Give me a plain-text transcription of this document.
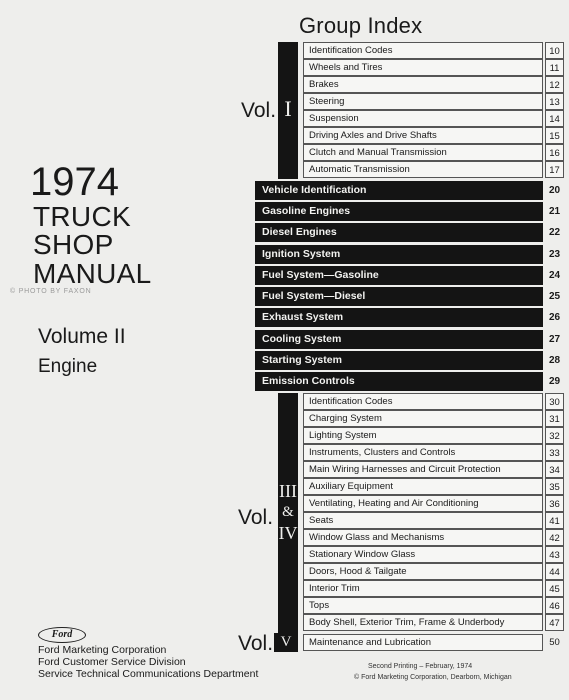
Group Index
1974
TRUCK
SHOP
MANUAL
© PHOTO BY FAXON
Volume II
Engine
Vol. I
Identification Codes	10
Wheels and Tires	11
Brakes	12
Steering	13
Suspension	14
Driving Axles and Drive Shafts	15
Clutch and Manual Transmission	16
Automatic Transmission	17
Vehicle Identification	20
Gasoline Engines	21
Diesel Engines	22
Ignition System	23
Fuel System—Gasoline	24
Fuel System—Diesel	25
Exhaust System	26
Cooling System	27
Starting System	28
Emission Controls	29
Vol.
III
&
IV
Identification Codes	30
Charging System	31
Lighting System	32
Instruments, Clusters and Controls	33
Main Wiring Harnesses and Circuit Protection	34
Auxiliary Equipment	35
Ventilating, Heating and Air Conditioning	36
Seats	41
Window Glass and Mechanisms	42
Stationary Window Glass	43
Doors, Hood & Tailgate	44
Interior Trim	45
Tops	46
Body Shell, Exterior Trim, Frame & Underbody	47
Vol. V	Maintenance and Lubrication	50
Ford
Ford Marketing Corporation
Ford Customer Service Division
Service Technical Communications Department
Second Printing – February, 1974
© Ford Marketing Corporation, Dearborn, Michigan
